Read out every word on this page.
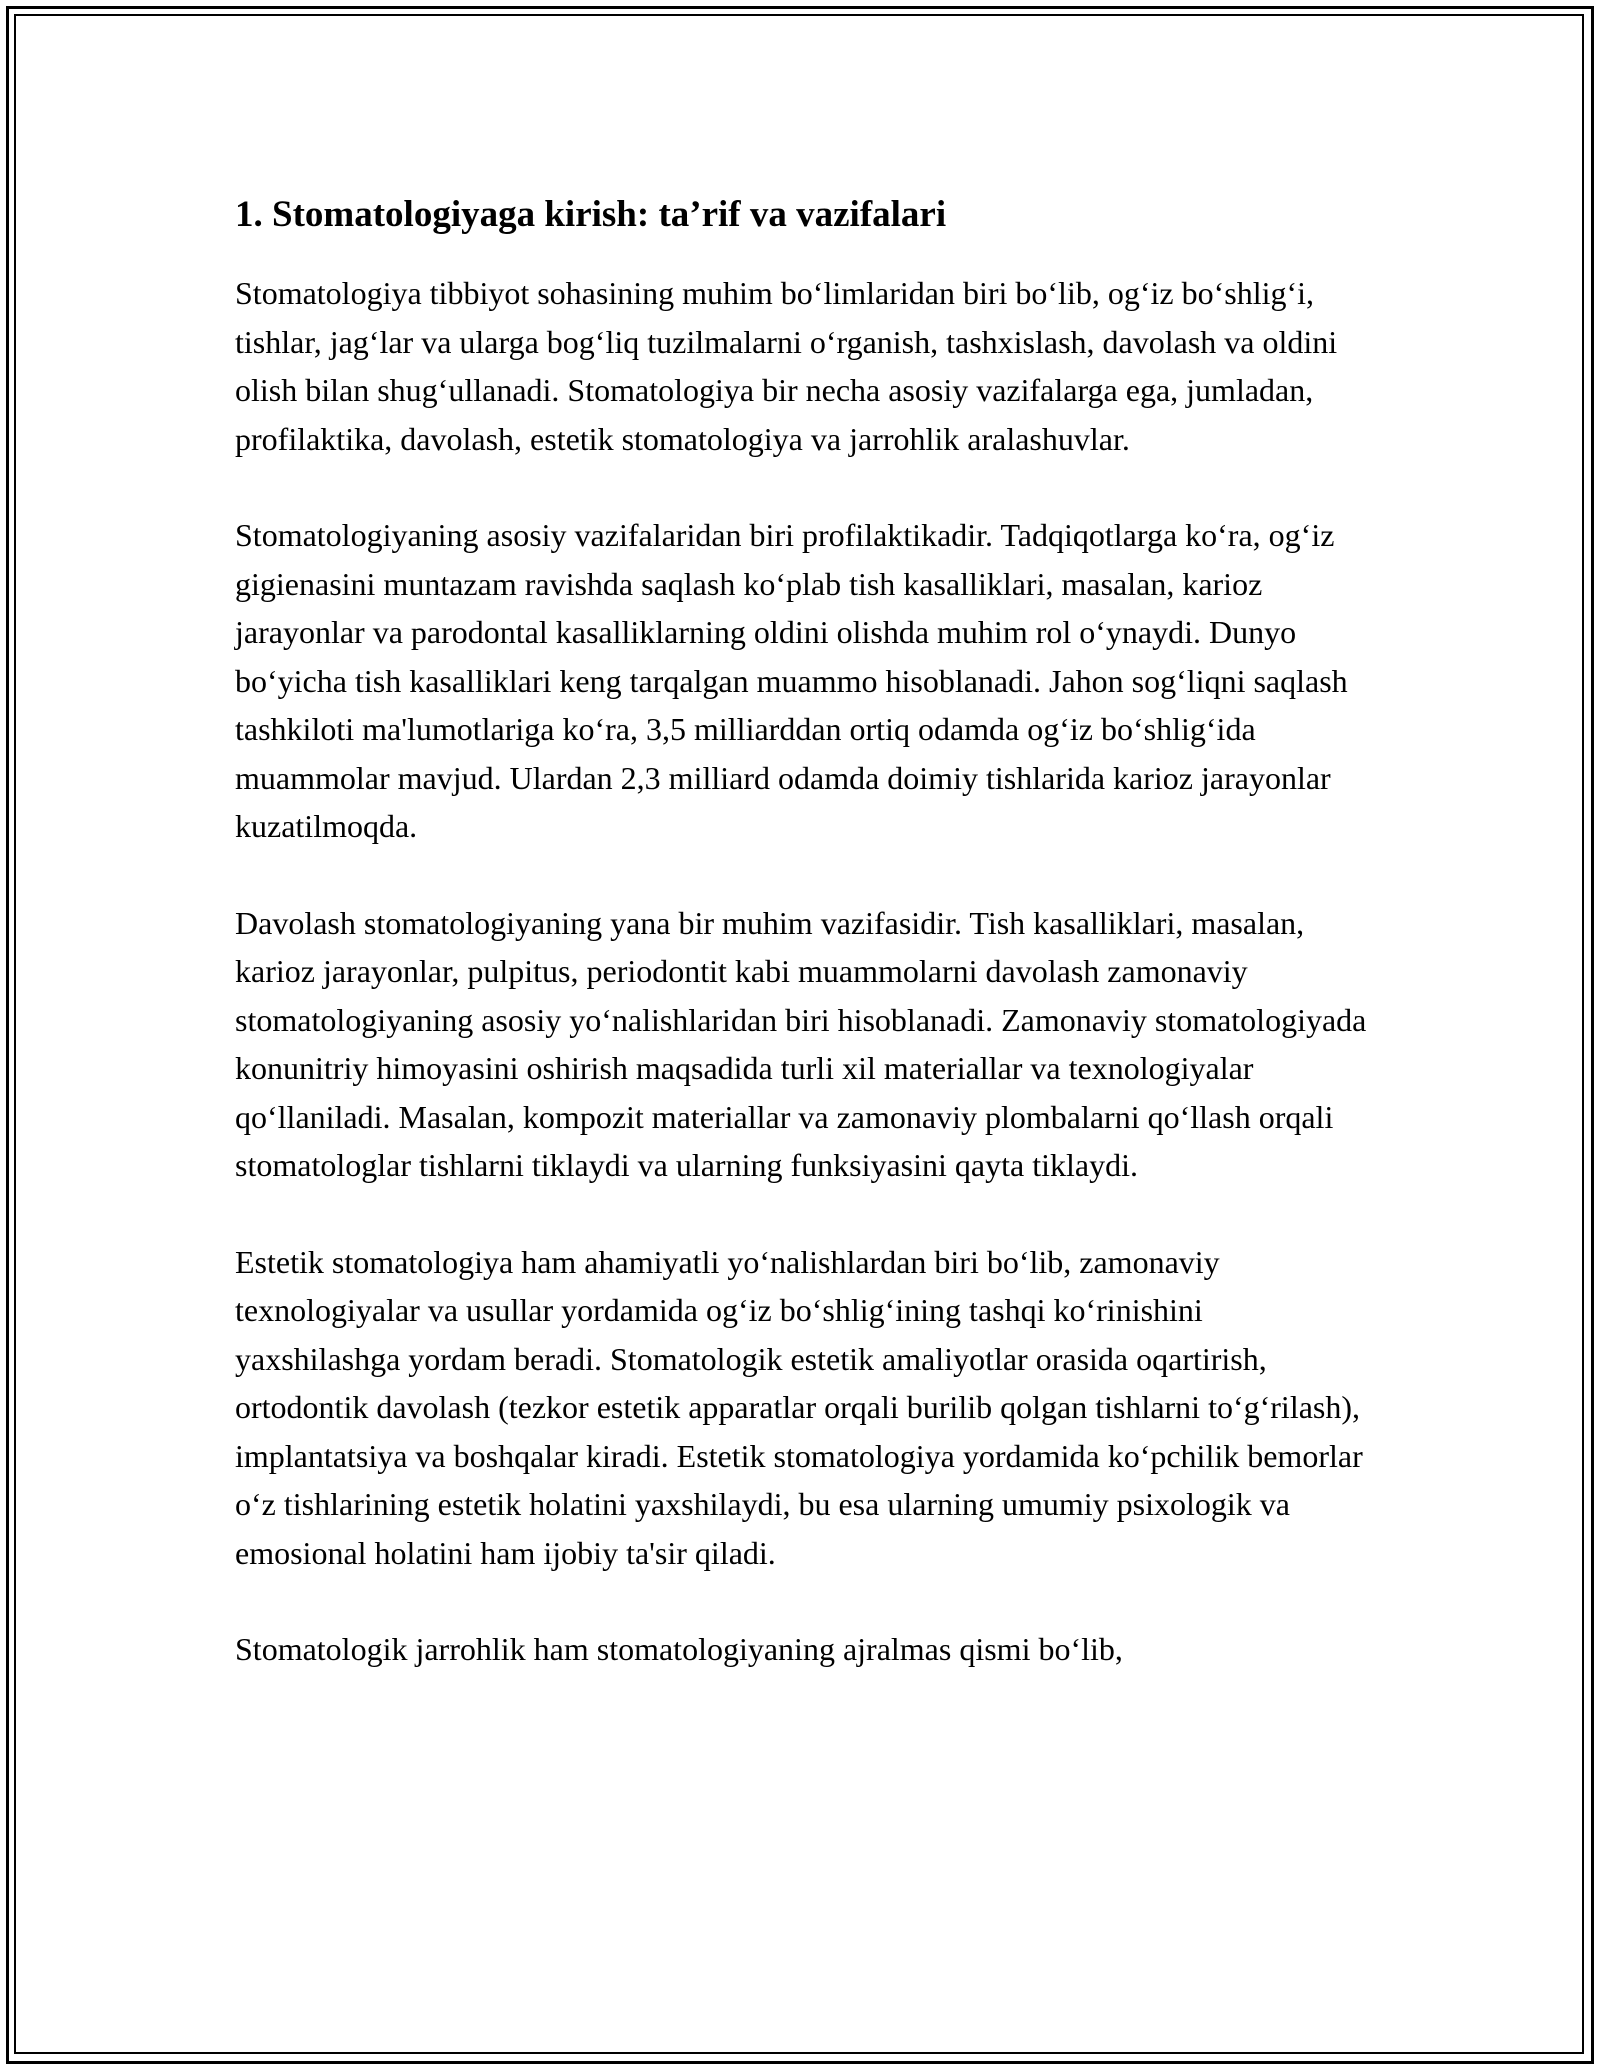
1. Stomatologiyaga kirish: ta’rif va vazifalari

Stomatologiya tibbiyot sohasining muhim bo‘limlaridan biri bo‘lib, og‘iz bo‘shlig‘i, tishlar, jag‘lar va ularga bog‘liq tuzilmalarni o‘rganish, tashxislash, davolash va oldini olish bilan shug‘ullanadi. Stomatologiya bir necha asosiy vazifalarga ega, jumladan, profilaktika, davolash, estetik stomatologiya va jarrohlik aralashuvlar.

Stomatologiyaning asosiy vazifalaridan biri profilaktikadir. Tadqiqotlarga ko‘ra, og‘iz gigienasini muntazam ravishda saqlash ko‘plab tish kasalliklari, masalan, karioz jarayonlar va parodontal kasalliklarning oldini olishda muhim rol o‘ynaydi. Dunyo bo‘yicha tish kasalliklari keng tarqalgan muammo hisoblanadi. Jahon sog‘liqni saqlash tashkiloti ma'lumotlariga ko‘ra, 3,5 milliarddan ortiq odamda og‘iz bo‘shlig‘ida muammolar mavjud. Ulardan 2,3 milliard odamda doimiy tishlarida karioz jarayonlar kuzatilmoqda.

Davolash stomatologiyaning yana bir muhim vazifasidir. Tish kasalliklari, masalan, karioz jarayonlar, pulpitus, periodontit kabi muammolarni davolash zamonaviy stomatologiyaning asosiy yo‘nalishlaridan biri hisoblanadi. Zamonaviy stomatologiyada konunitriy himoyasini oshirish maqsadida turli xil materiallar va texnologiyalar qo‘llaniladi. Masalan, kompozit materiallar va zamonaviy plombalarni qo‘llash orqali stomatologlar tishlarni tiklaydi va ularning funksiyasini qayta tiklaydi.

Estetik stomatologiya ham ahamiyatli yo‘nalishlardan biri bo‘lib, zamonaviy texnologiyalar va usullar yordamida og‘iz bo‘shlig‘ining tashqi ko‘rinishini yaxshilashga yordam beradi. Stomatologik estetik amaliyotlar orasida oqartirish, ortodontik davolash (tezkor estetik apparatlar orqali burilib qolgan tishlarni to‘g‘rilash), implantatsiya va boshqalar kiradi. Estetik stomatologiya yordamida ko‘pchilik bemorlar o‘z tishlarining estetik holatini yaxshilaydi, bu esa ularning umumiy psixologik va emosional holatini ham ijobiy ta'sir qiladi.

Stomatologik jarrohlik ham stomatologiyaning ajralmas qismi bo‘lib,
